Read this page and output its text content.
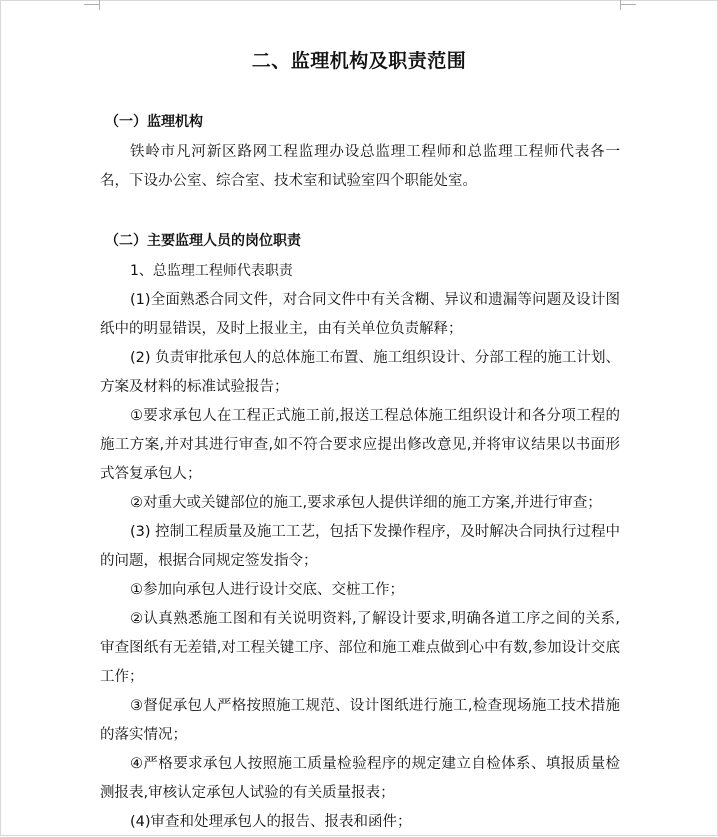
二、监理机构及职责范围
（一）监理机构
铁岭市凡河新区路网工程监理办设总监理工程师和总监理工程师代表各一名，下设办公室、综合室、技术室和试验室四个职能处室。
（二）主要监理人员的岗位职责
1、总监理工程师代表职责
(1)全面熟悉合同文件，对合同文件中有关含糊、异议和遗漏等问题及设计图纸中的明显错误，及时上报业主，由有关单位负责解释；
(2) 负责审批承包人的总体施工布置、施工组织设计、分部工程的施工计划、方案及材料的标准试验报告；
①要求承包人在工程正式施工前,报送工程总体施工组织设计和各分项工程的施工方案,并对其进行审查,如不符合要求应提出修改意见,并将审议结果以书面形式答复承包人；
②对重大或关键部位的施工,要求承包人提供详细的施工方案,并进行审查；
(3) 控制工程质量及施工工艺，包括下发操作程序，及时解决合同执行过程中的问题，根据合同规定签发指令；
①参加向承包人进行设计交底、交桩工作；
②认真熟悉施工图和有关说明资料,了解设计要求,明确各道工序之间的关系,审查图纸有无差错,对工程关键工序、部位和施工难点做到心中有数,参加设计交底工作；
③督促承包人严格按照施工规范、设计图纸进行施工,检查现场施工技术措施的落实情况；
④严格要求承包人按照施工质量检验程序的规定建立自检体系、填报质量检测报表,审核认定承包人试验的有关质量报表；
(4)审查和处理承包人的报告、报表和函件；
